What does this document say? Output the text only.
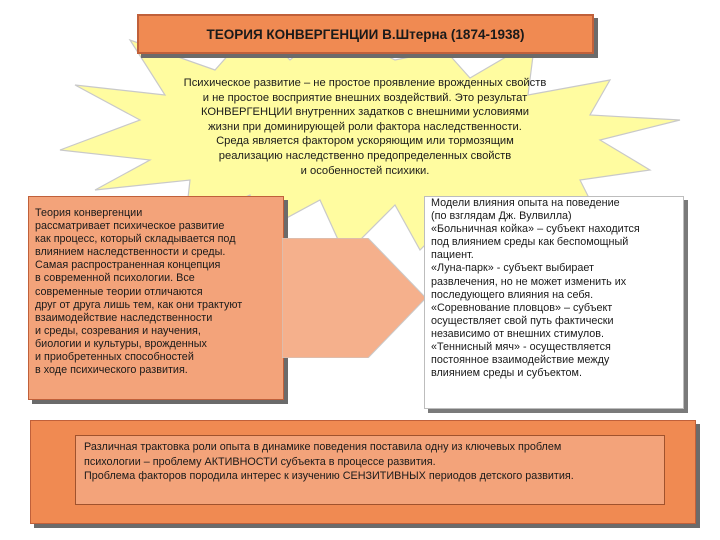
ТЕОРИЯ КОНВЕРГЕНЦИИ В.Штерна (1874-1938)
Психическое развитие – не простое проявление врожденных свойств
и не простое восприятие внешних воздействий. Это результат
КОНВЕРГЕНЦИИ внутренних задатков с внешними условиями
жизни при доминирующей роли фактора наследственности.
Среда является фактором ускоряющим или тормозящим
реализацию наследственно предопределенных свойств
и особенностей психики.
Теория конвергенции
рассматривает психическое развитие
как процесс, который складывается под
влиянием наследственности и среды.
Самая распространенная концепция
в современной психологии. Все
современные теории отличаются
друг от друга лишь тем, как они трактуют
взаимодействие наследственности
и среды, созревания и научения,
биологии и культуры, врожденных
и приобретенных способностей
в ходе психического развития.
Модели влияния опыта на поведение
(по взглядам Дж. Вулвилла)
«Больничная койка» – субъект находится
под влиянием среды как беспомощный
пациент.
«Луна-парк» - субъект выбирает
развлечения, но не может изменить их
последующего влияния на себя.
«Соревнование пловцов» – субъект
осуществляет свой путь фактически
независимо от внешних стимулов.
«Теннисный мяч» - осуществляется
постоянное взаимодействие между
влиянием среды и субъектом.
Различная трактовка роли опыта в динамике поведения поставила одну из ключевых проблем
психологии – проблему АКТИВНОСТИ субъекта в процессе развития.
Проблема факторов породила интерес к изучению СЕНЗИТИВНЫХ периодов детского развития.
